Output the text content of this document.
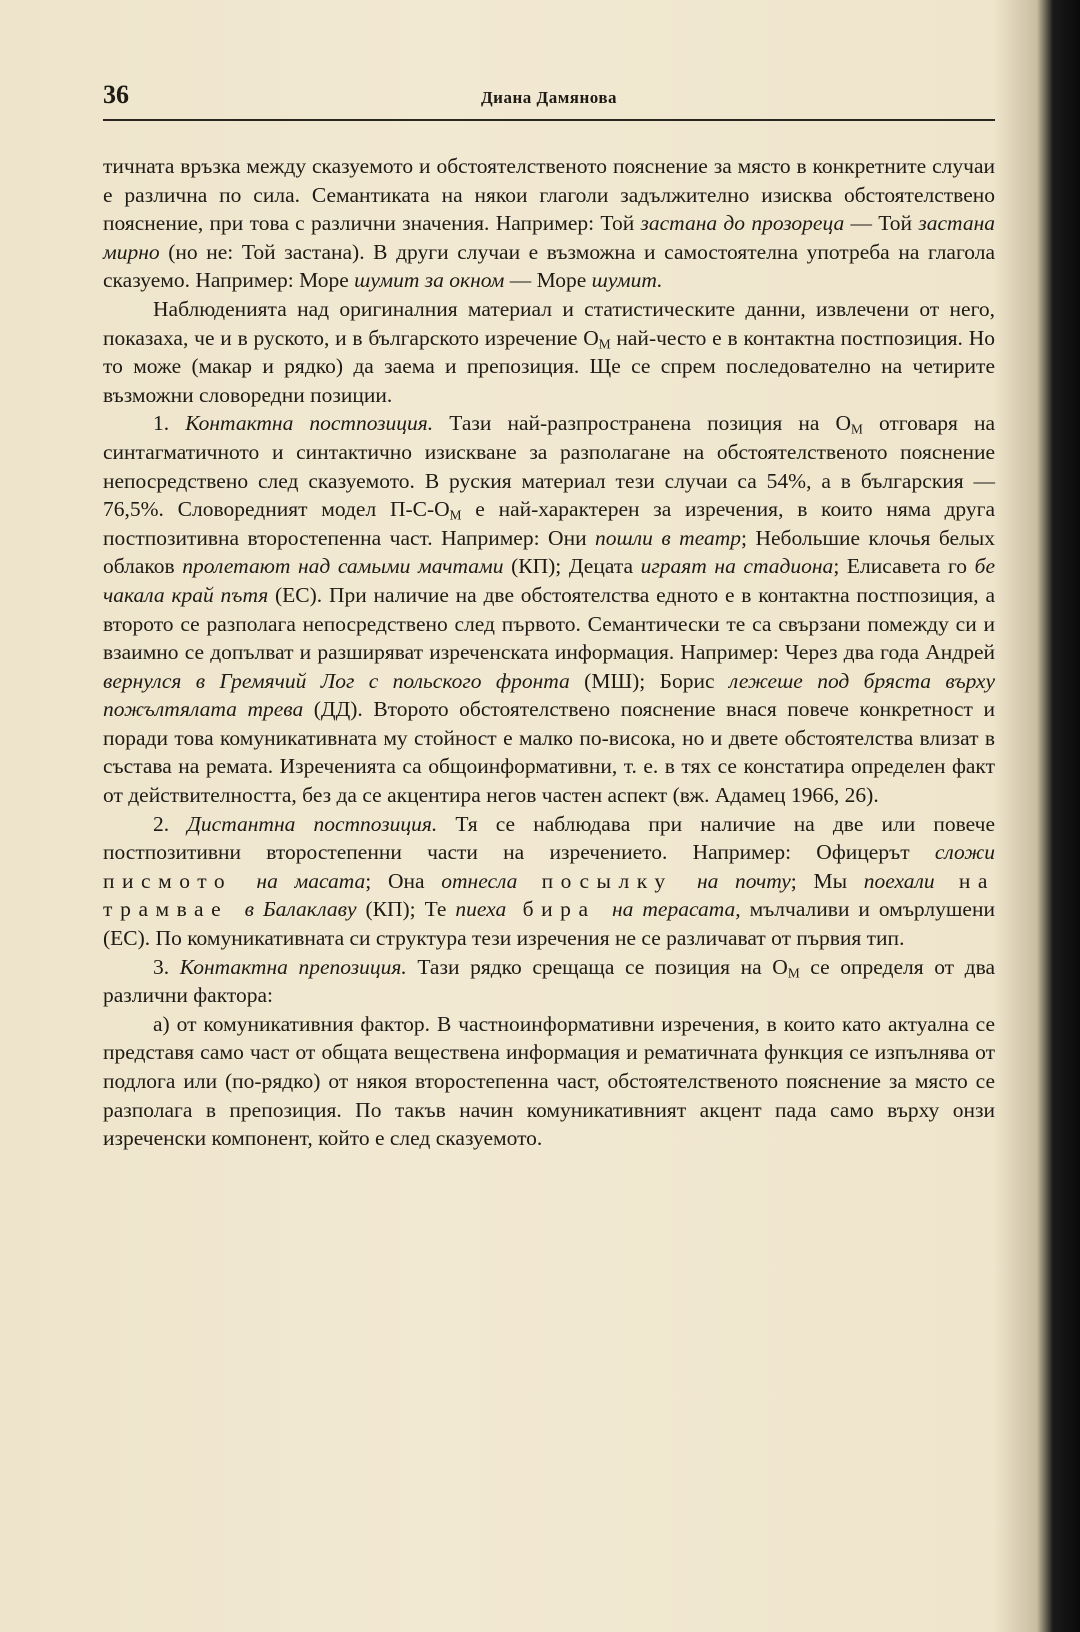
36	Диана Дамянова

тичната връзка между сказуемото и обстоятелственото пояснение за място в конкретните случаи е различна по сила. Семантиката на някои глаголи задължително изисква обстоятелствено пояснение, при това с различни значения. Например: Той застана до прозореца — Той застана мирно (но не: Той застана). В други случаи е възможна и самостоятелна употреба на глагола сказуемо. Например: Море шумит за окном — Море шумит.

Наблюденията над оригиналния материал и статистическите данни, извлечени от него, показаха, че и в руското, и в българското изречение $О_М$ най-често е в контактна постпозиция. Но то може (макар и рядко) да заема и препозиция. Ще се спрем последователно на четирите възможни словоредни позиции.

1. Контактна постпозиция. Тази най-разпространена позиция на $О_М$ отговаря на синтагматичното и синтактично изискване за разполагане на обстоятелственото пояснение непосредствено след сказуемото. В руския материал тези случаи са 54%, а в българския — 76,5%. Словоредният модел $П-С-О_М$ е най-характерен за изречения, в които няма друга постпозитивна второстепенна част. Например: Они пошли в театр; Небольшие клочья белых облаков пролетают над самыми мачтами (КП); Децата играят на стадиона; Елисавета го бе чакала край пътя (ЕС). При наличие на две обстоятелства едното е в контактна постпозиция, а второто се разполага непосредствено след първото. Семантически те са свързани помежду си и взаимно се допълват и разширяват изреченската информация. Например: Через два года Андрей вернулся в Гремячий Лог с польского фронта (МШ); Борис лежеше под бряста върху пожълтялата трева (ДД). Второто обстоятелствено пояснение внася повече конкретност и поради това комуникативната му стойност е малко по-висока, но и двете обстоятелства влизат в състава на ремата. Изреченията са общоинформативни, т. е. в тях се констатира определен факт от действителността, без да се акцентира негов частен аспект (вж. Адамец 1966, 26).

2. Дистантна постпозиция. Тя се наблюдава при наличие на две или повече постпозитивни второстепенни части на изречението. Например: Офицерът сложи писмото на масата; Она отнесла посылку на почту; Мы поехали на трамвае в Балаклаву (КП); Те пиеха бира на терасата, мълчаливи и омърлушени (ЕС). По комуникативната си структура тези изречения не се различават от първия тип.

3. Контактна препозиция. Тази рядко срещаща се позиция на $О_М$ се определя от два различни фактора:

а) от комуникативния фактор. В частноинформативни изречения, в които като актуална се представя само част от общата веществена информация и рематичната функция се изпълнява от подлога или (по-рядко) от някоя второстепенна част, обстоятелственото пояснение за място се разполага в препозиция. По такъв начин комуникативният акцент пада само върху онзи изреченски компонент, който е след сказуемото.
